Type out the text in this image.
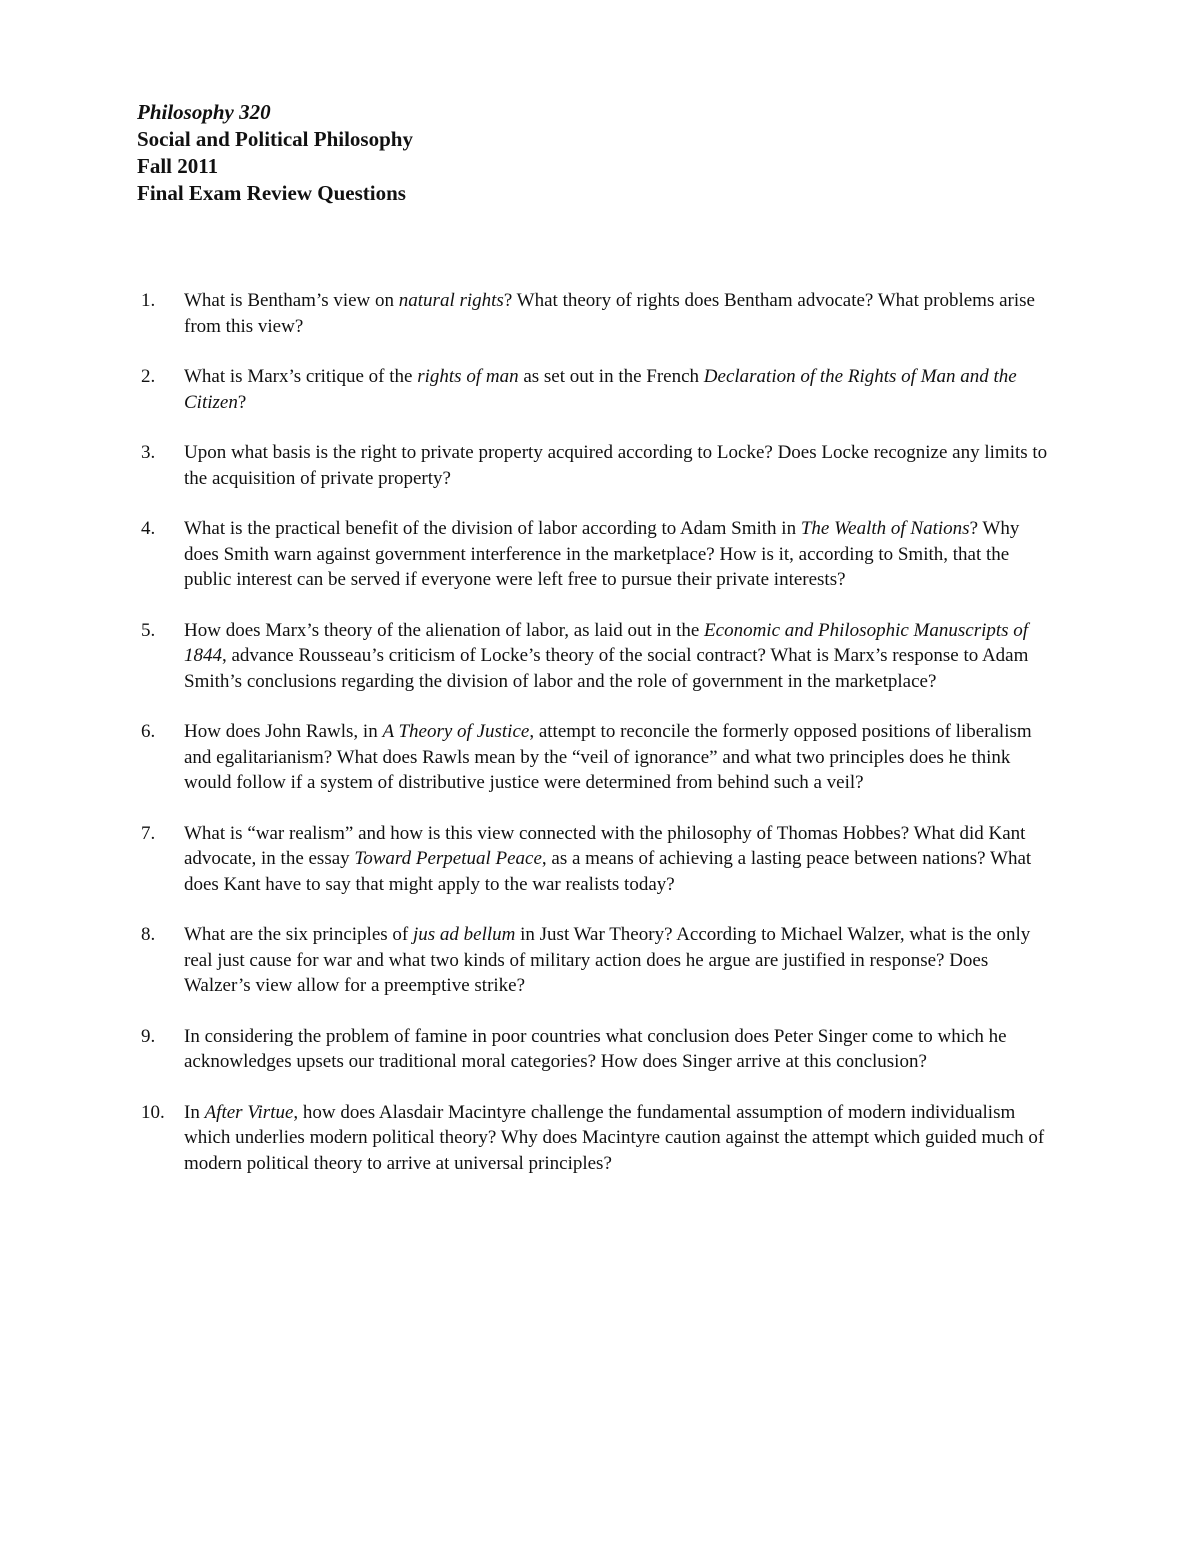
Philosophy 320
Social and Political Philosophy
Fall 2011
Final Exam Review Questions
1. What is Bentham’s view on natural rights? What theory of rights does Bentham advocate? What problems arise from this view?
2. What is Marx’s critique of the rights of man as set out in the French Declaration of the Rights of Man and the Citizen?
3. Upon what basis is the right to private property acquired according to Locke? Does Locke recognize any limits to the acquisition of private property?
4. What is the practical benefit of the division of labor according to Adam Smith in The Wealth of Nations? Why does Smith warn against government interference in the marketplace? How is it, according to Smith, that the public interest can be served if everyone were left free to pursue their private interests?
5. How does Marx’s theory of the alienation of labor, as laid out in the Economic and Philosophic Manuscripts of 1844, advance Rousseau’s criticism of Locke’s theory of the social contract? What is Marx’s response to Adam Smith’s conclusions regarding the division of labor and the role of government in the marketplace?
6. How does John Rawls, in A Theory of Justice, attempt to reconcile the formerly opposed positions of liberalism and egalitarianism? What does Rawls mean by the “veil of ignorance” and what two principles does he think would follow if a system of distributive justice were determined from behind such a veil?
7. What is “war realism” and how is this view connected with the philosophy of Thomas Hobbes? What did Kant advocate, in the essay Toward Perpetual Peace, as a means of achieving a lasting peace between nations? What does Kant have to say that might apply to the war realists today?
8. What are the six principles of jus ad bellum in Just War Theory? According to Michael Walzer, what is the only real just cause for war and what two kinds of military action does he argue are justified in response? Does Walzer’s view allow for a preemptive strike?
9. In considering the problem of famine in poor countries what conclusion does Peter Singer come to which he acknowledges upsets our traditional moral categories? How does Singer arrive at this conclusion?
10. In After Virtue, how does Alasdair Macintyre challenge the fundamental assumption of modern individualism which underlies modern political theory? Why does Macintyre caution against the attempt which guided much of modern political theory to arrive at universal principles?
